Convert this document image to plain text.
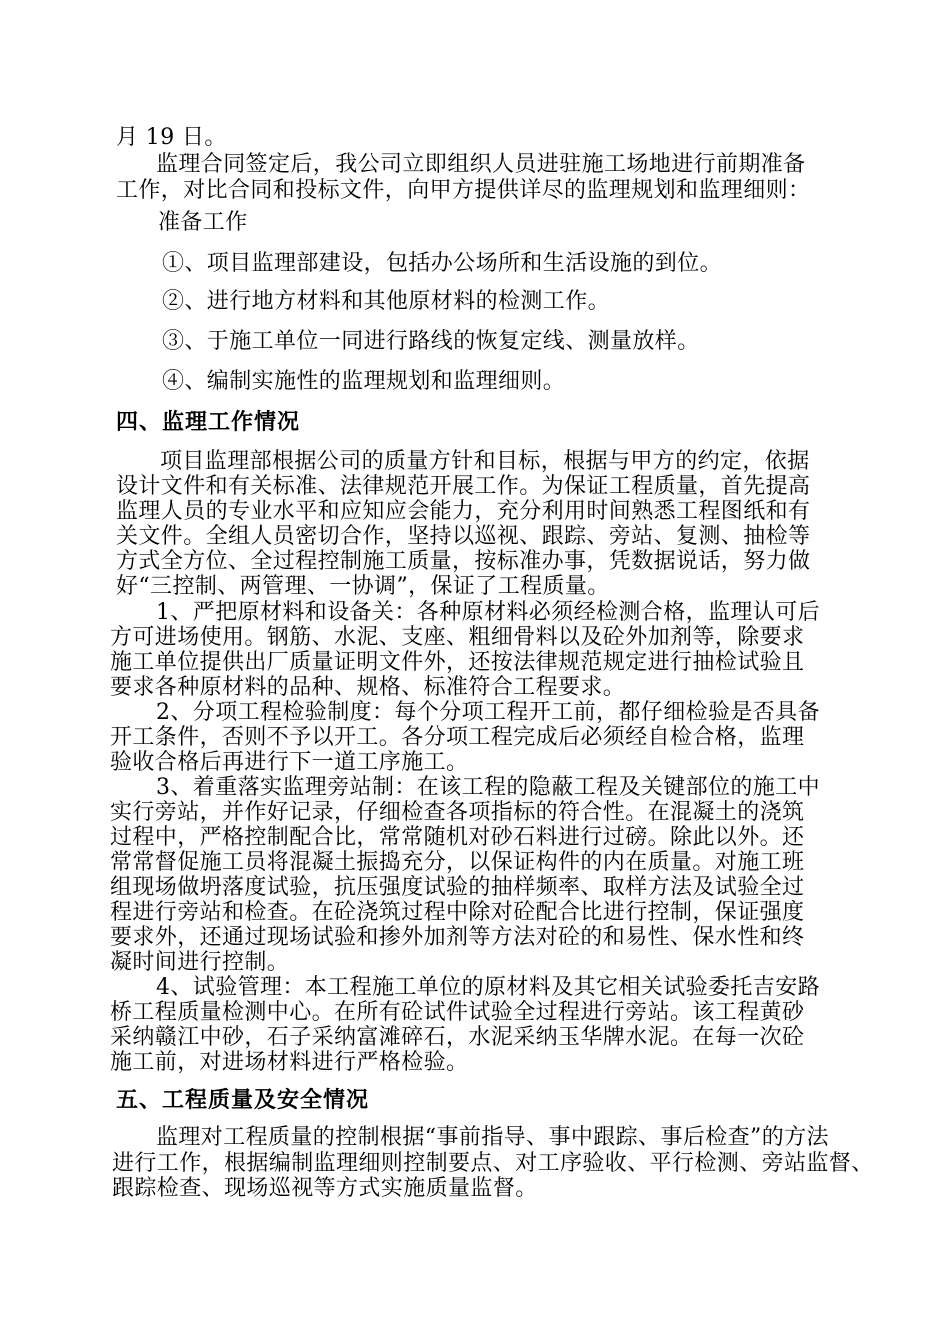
月 19 日。
监理合同签定后，我公司立即组织人员进驻施工场地进行前期准备
工作，对比合同和投标文件，向甲方提供详尽的监理规划和监理细则：
准备工作
①、项目监理部建设，包括办公场所和生活设施的到位。
②、进行地方材料和其他原材料的检测工作。
③、于施工单位一同进行路线的恢复定线、测量放样。
④、编制实施性的监理规划和监理细则。
四、监理工作情况
项目监理部根据公司的质量方针和目标，根据与甲方的约定，依据
设计文件和有关标准、法律规范开展工作。为保证工程质量，首先提高
监理人员的专业水平和应知应会能力，充分利用时间熟悉工程图纸和有
关文件。全组人员密切合作，坚持以巡视、跟踪、旁站、复测、抽检等
方式全方位、全过程控制施工质量，按标准办事，凭数据说话，努力做
好“三控制、两管理、一协调”，保证了工程质量。
1、严把原材料和设备关：各种原材料必须经检测合格，监理认可后
方可进场使用。钢筋、水泥、支座、粗细骨料以及砼外加剂等，除要求
施工单位提供出厂质量证明文件外，还按法律规范规定进行抽检试验且
要求各种原材料的品种、规格、标准符合工程要求。
2、分项工程检验制度：每个分项工程开工前，都仔细检验是否具备
开工条件，否则不予以开工。各分项工程完成后必须经自检合格，监理
验收合格后再进行下一道工序施工。
3、着重落实监理旁站制：在该工程的隐蔽工程及关键部位的施工中
实行旁站，并作好记录，仔细检查各项指标的符合性。在混凝土的浇筑
过程中，严格控制配合比，常常随机对砂石料进行过磅。除此以外。还
常常督促施工员将混凝土振捣充分，以保证构件的内在质量。对施工班
组现场做坍落度试验，抗压强度试验的抽样频率、取样方法及试验全过
程进行旁站和检查。在砼浇筑过程中除对砼配合比进行控制，保证强度
要求外，还通过现场试验和掺外加剂等方法对砼的和易性、保水性和终
凝时间进行控制。
4、试验管理：本工程施工单位的原材料及其它相关试验委托吉安路
桥工程质量检测中心。在所有砼试件试验全过程进行旁站。该工程黄砂
采纳赣江中砂，石子采纳富滩碎石，水泥采纳玉华牌水泥。在每一次砼
施工前，对进场材料进行严格检验。
五、工程质量及安全情况
监理对工程质量的控制根据“事前指导、事中跟踪、事后检查”的方法
进行工作，根据编制监理细则控制要点、对工序验收、平行检测、旁站监督、
跟踪检查、现场巡视等方式实施质量监督。
